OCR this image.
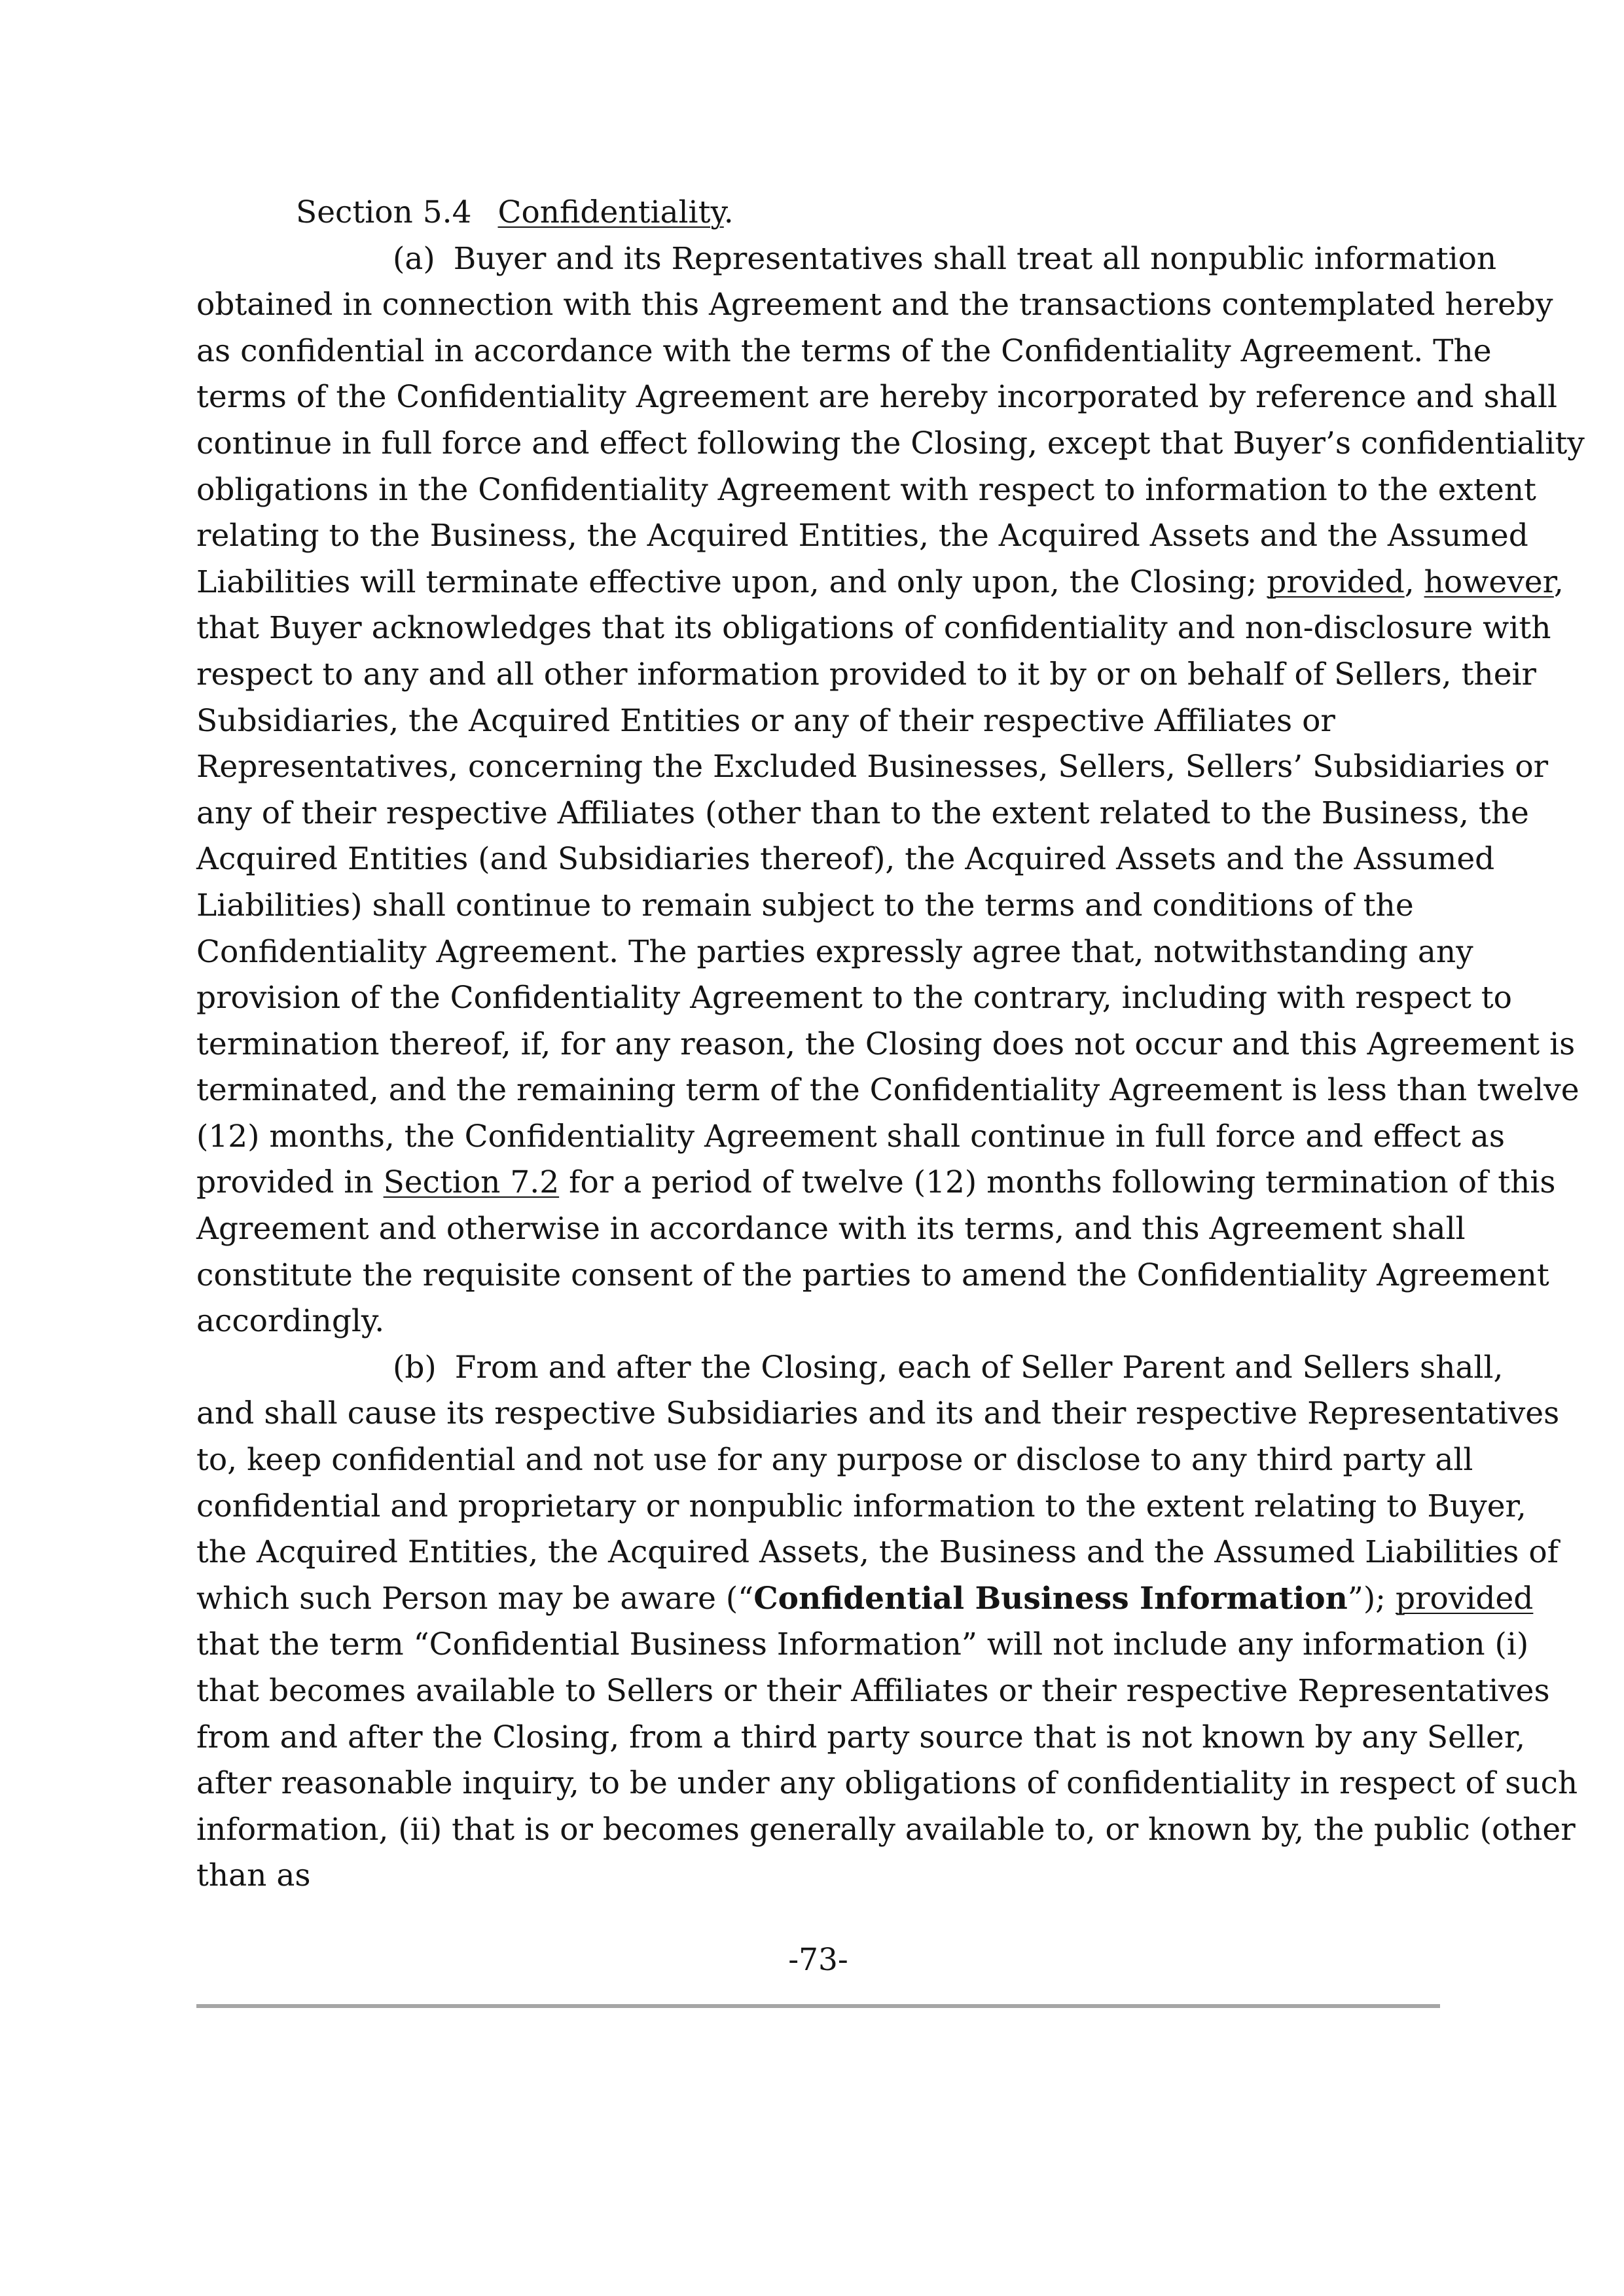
Section 5.4 Confidentiality.
(a) Buyer and its Representatives shall treat all nonpublic information
obtained in connection with this Agreement and the transactions contemplated hereby
as confidential in accordance with the terms of the Confidentiality Agreement. The
terms of the Confidentiality Agreement are hereby incorporated by reference and shall
continue in full force and effect following the Closing, except that Buyer’s confidentiality
obligations in the Confidentiality Agreement with respect to information to the extent
relating to the Business, the Acquired Entities, the Acquired Assets and the Assumed
Liabilities will terminate effective upon, and only upon, the Closing; provided, however,
that Buyer acknowledges that its obligations of confidentiality and non-disclosure with
respect to any and all other information provided to it by or on behalf of Sellers, their
Subsidiaries, the Acquired Entities or any of their respective Affiliates or
Representatives, concerning the Excluded Businesses, Sellers, Sellers’ Subsidiaries or
any of their respective Affiliates (other than to the extent related to the Business, the
Acquired Entities (and Subsidiaries thereof), the Acquired Assets and the Assumed
Liabilities) shall continue to remain subject to the terms and conditions of the
Confidentiality Agreement. The parties expressly agree that, notwithstanding any
provision of the Confidentiality Agreement to the contrary, including with respect to
termination thereof, if, for any reason, the Closing does not occur and this Agreement is
terminated, and the remaining term of the Confidentiality Agreement is less than twelve
(12) months, the Confidentiality Agreement shall continue in full force and effect as
provided in Section 7.2 for a period of twelve (12) months following termination of this
Agreement and otherwise in accordance with its terms, and this Agreement shall
constitute the requisite consent of the parties to amend the Confidentiality Agreement
accordingly.
(b) From and after the Closing, each of Seller Parent and Sellers shall,
and shall cause its respective Subsidiaries and its and their respective Representatives
to, keep confidential and not use for any purpose or disclose to any third party all
confidential and proprietary or nonpublic information to the extent relating to Buyer,
the Acquired Entities, the Acquired Assets, the Business and the Assumed Liabilities of
which such Person may be aware (“Confidential Business Information”); provided
that the term “Confidential Business Information” will not include any information (i)
that becomes available to Sellers or their Affiliates or their respective Representatives
from and after the Closing, from a third party source that is not known by any Seller,
after reasonable inquiry, to be under any obligations of confidentiality in respect of such
information, (ii) that is or becomes generally available to, or known by, the public (other
than as
-73-
